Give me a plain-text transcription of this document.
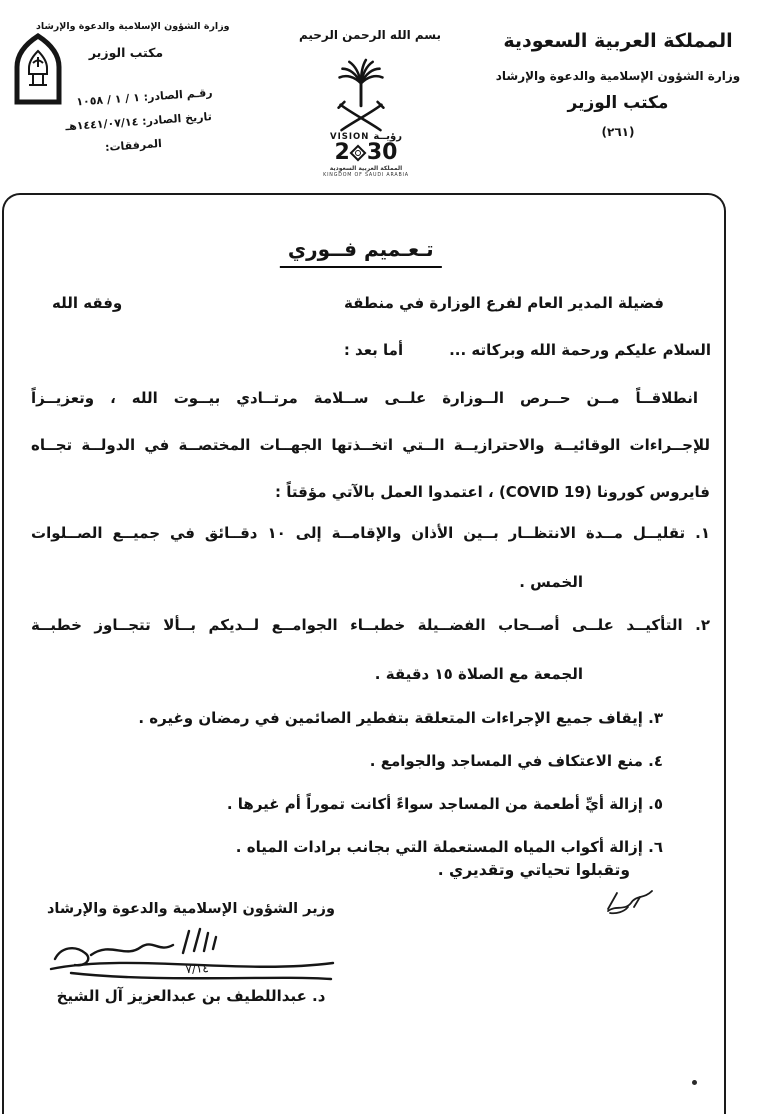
وزارة الشؤون الإسلامية والدعوة والإرشاد
مكتب الوزير
رقـم الصادر: ١ / ١ / ١٠٥٨
تاريخ الصادر: ١٤٤١/٠٧/١٤هـ
المرفقات:
بسم الله الرحمن الرحيم
VISION رؤيــة
2 30
المملكة العربية السعودية
KINGDOM OF SAUDI ARABIA
المملكة العربية السعودية
وزارة الشؤون الإسلامية والدعوة والإرشاد
مكتب الوزير
(٢٦١)
تـعـميم فــوري
فضيلة المدير العام لفرع الوزارة في منطقة
وفقه الله
السلام عليكم ورحمة الله وبركاته ...
أما بعد :
انطلاقــاً مــن حــرص الــوزارة علــى ســلامة مرتــادي بيــوت الله ، وتعزيــزاً
للإجــراءات الوقائيــة والاحترازيــة الــتي اتخــذتها الجهــات المختصــة في الدولــة تجــاه
فايروس كورونا (COVID 19) ، اعتمدوا العمل بالآتي مؤقتاً :
١. تقليــل مــدة الانتظــار بــين الأذان والإقامــة إلى ١٠ دقــائق في جميــع الصــلوات
الخمس .
٢. التأكيــد علــى أصــحاب الفضــيلة خطبــاء الجوامــع لــديكم بــألا تتجــاوز خطبــة
الجمعة مع الصلاة ١٥ دقيقة .
٣. إيقاف جميع الإجراءات المتعلقة بتفطير الصائمين في رمضان وغيره .
٤. منع الاعتكاف في المساجد والجوامع .
٥. إزالة أيِّ أطعمة من المساجد سواءً أكانت تموراً أم غيرها .
٦. إزالة أكواب المياه المستعملة التي بجانب برادات المياه .
وتقبلوا تحياتي وتقديري .
وزير الشؤون الإسلامية والدعوة والإرشاد
٧/١٤
د. عبداللطيف بن عبدالعزيز آل الشيخ
